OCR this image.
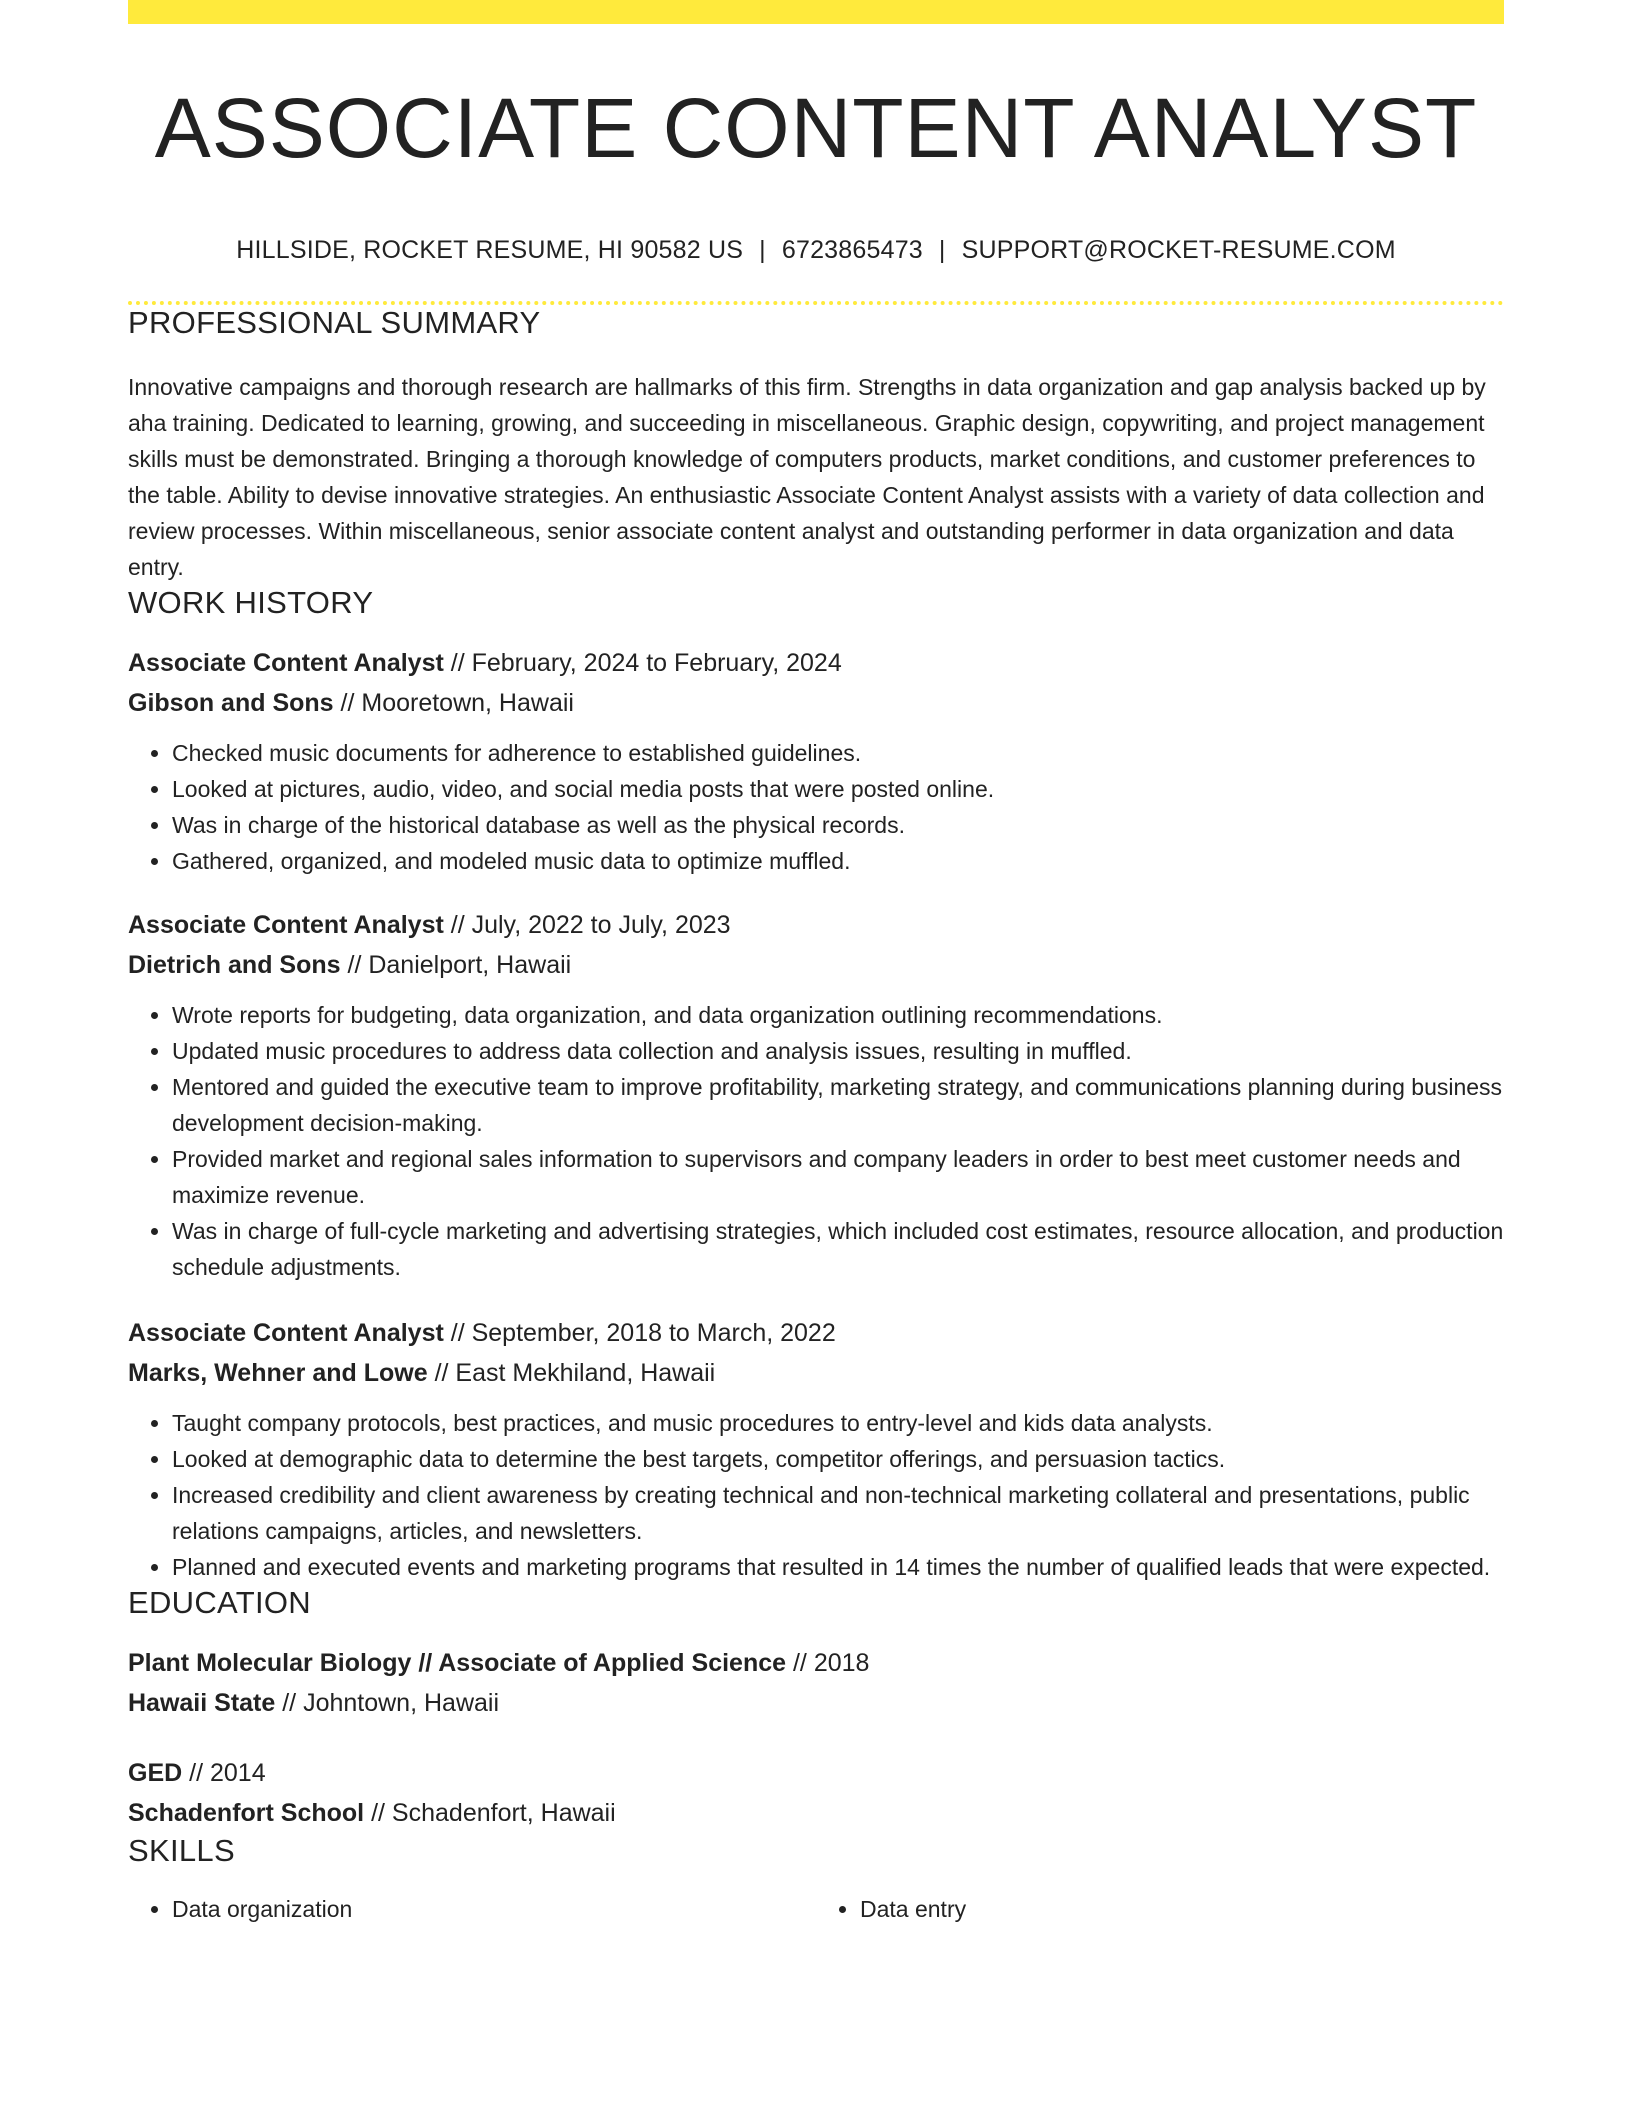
ASSOCIATE CONTENT ANALYST
HILLSIDE, ROCKET RESUME, HI 90582 US | 6723865473 | SUPPORT@ROCKET-RESUME.COM
PROFESSIONAL SUMMARY

Innovative campaigns and thorough research are hallmarks of this firm. Strengths in data organization and gap analysis backed up by aha training. Dedicated to learning, growing, and succeeding in miscellaneous. Graphic design, copywriting, and project management skills must be demonstrated. Bringing a thorough knowledge of computers products, market conditions, and customer preferences to the table. Ability to devise innovative strategies. An enthusiastic Associate Content Analyst assists with a variety of data collection and review processes. Within miscellaneous, senior associate content analyst and outstanding performer in data organization and data entry.

WORK HISTORY
Associate Content Analyst // February, 2024 to February, 2024
Gibson and Sons // Mooretown, Hawaii
• Checked music documents for adherence to established guidelines.
• Looked at pictures, audio, video, and social media posts that were posted online.
• Was in charge of the historical database as well as the physical records.
• Gathered, organized, and modeled music data to optimize muffled.
Associate Content Analyst // July, 2022 to July, 2023
Dietrich and Sons // Danielport, Hawaii
• Wrote reports for budgeting, data organization, and data organization outlining recommendations.
• Updated music procedures to address data collection and analysis issues, resulting in muffled.
• Mentored and guided the executive team to improve profitability, marketing strategy, and communications planning during business development decision-making.
• Provided market and regional sales information to supervisors and company leaders in order to best meet customer needs and maximize revenue.
• Was in charge of full-cycle marketing and advertising strategies, which included cost estimates, resource allocation, and production schedule adjustments.
Associate Content Analyst // September, 2018 to March, 2022
Marks, Wehner and Lowe // East Mekhiland, Hawaii
• Taught company protocols, best practices, and music procedures to entry-level and kids data analysts.
• Looked at demographic data to determine the best targets, competitor offerings, and persuasion tactics.
• Increased credibility and client awareness by creating technical and non-technical marketing collateral and presentations, public relations campaigns, articles, and newsletters.
• Planned and executed events and marketing programs that resulted in 14 times the number of qualified leads that were expected.
EDUCATION
Plant Molecular Biology // Associate of Applied Science // 2018
Hawaii State // Johntown, Hawaii
GED // 2014
Schadenfort School // Schadenfort, Hawaii
SKILLS
• Data organization
•	Data entry
